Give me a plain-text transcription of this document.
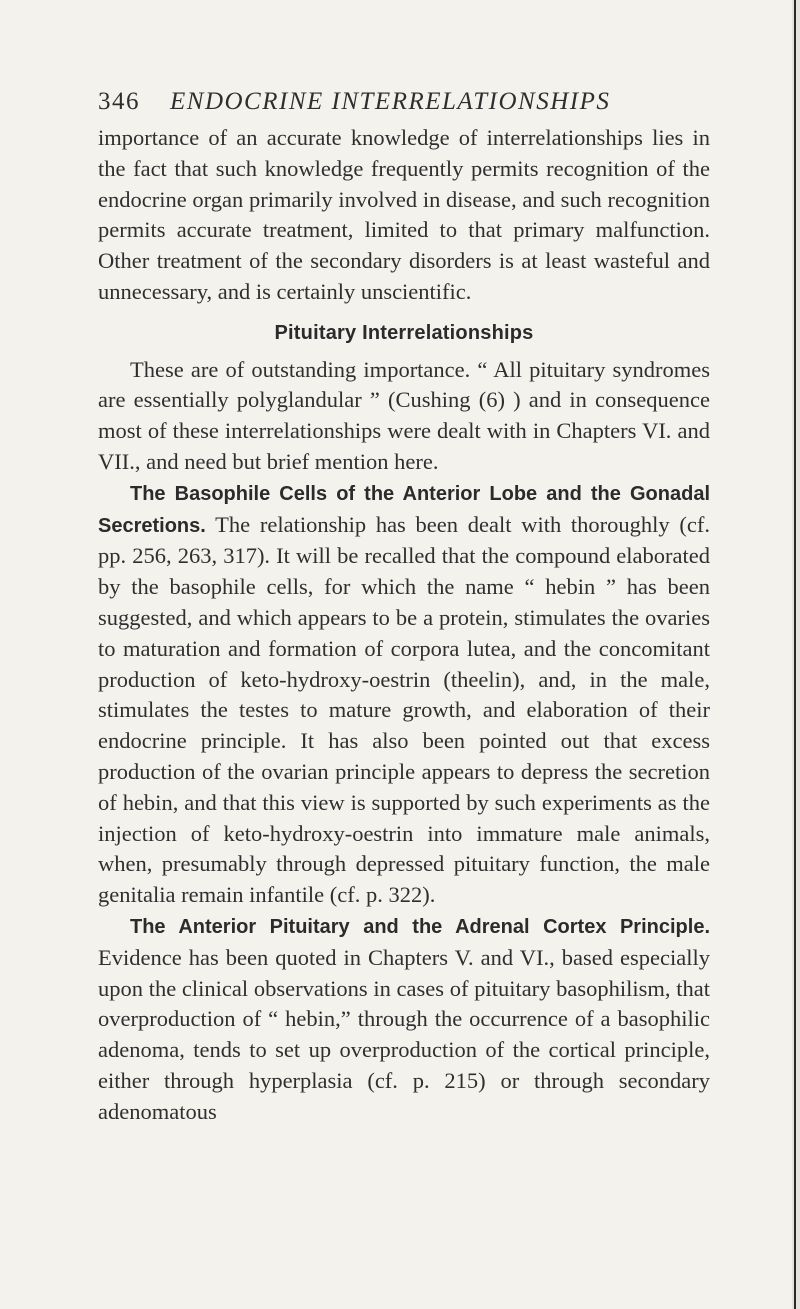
346 ENDOCRINE INTERRELATIONSHIPS

importance of an accurate knowledge of interrelationships lies in the fact that such knowledge frequently permits recognition of the endocrine organ primarily involved in disease, and such recognition permits accurate treatment, limited to that primary malfunction. Other treatment of the secondary disorders is at least wasteful and unnecessary, and is certainly unscientific.

Pituitary Interrelationships

These are of outstanding importance. “ All pituitary syndromes are essentially polyglandular ” (Cushing (6) ) and in consequence most of these interrelationships were dealt with in Chapters VI. and VII., and need but brief mention here.

The Basophile Cells of the Anterior Lobe and the Gonadal Secretions. The relationship has been dealt with thoroughly (cf. pp. 256, 263, 317). It will be recalled that the compound elaborated by the basophile cells, for which the name “ hebin ” has been suggested, and which appears to be a protein, stimulates the ovaries to maturation and formation of corpora lutea, and the concomitant production of keto-hydroxy-oestrin (theelin), and, in the male, stimulates the testes to mature growth, and elaboration of their endocrine principle. It has also been pointed out that excess production of the ovarian principle appears to depress the secretion of hebin, and that this view is supported by such experiments as the injection of keto-hydroxy-oestrin into immature male animals, when, presumably through depressed pituitary function, the male genitalia remain infantile (cf. p. 322).

The Anterior Pituitary and the Adrenal Cortex Principle. Evidence has been quoted in Chapters V. and VI., based especially upon the clinical observations in cases of pituitary basophilism, that overproduction of “ hebin,” through the occurrence of a basophilic adenoma, tends to set up overproduction of the cortical principle, either through hyperplasia (cf. p. 215) or through secondary adenomatous
